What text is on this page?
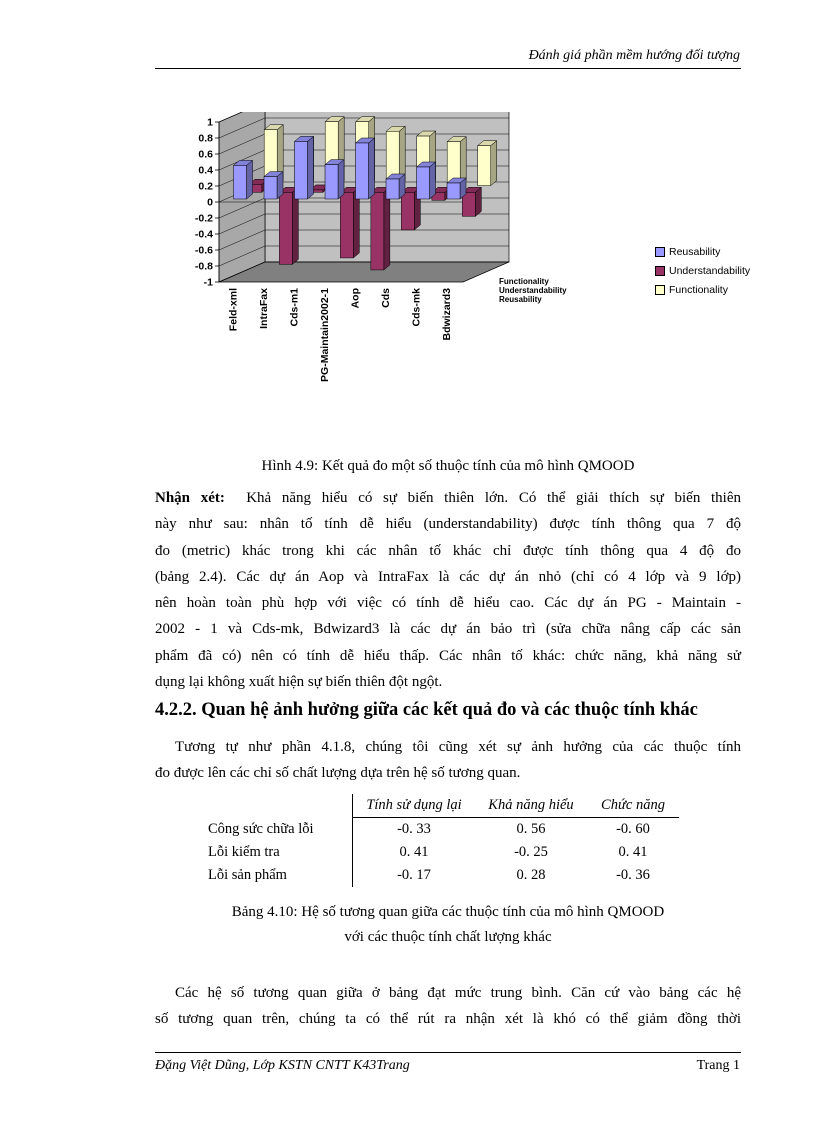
Đánh giá phần mềm hướng đối tượng
1
0.8
0.6
0.4
0.2
0
-0.2
-0.4
-0.6
-0.8
-1
Feld-xml IntraFax Cds-m1 PG-Maintain2002-1 Aop Cds Cds-mk Bdwizard3
Functionality
Understandability
Reusability
Reusability
Understandability
Functionality
Hình 4.9: Kết quả đo một số thuộc tính của mô hình QMOOD
Nhận xét: Khả năng hiểu có sự biến thiên lớn. Có thể giải thích sự biến thiên
này như sau: nhân tố tính dễ hiểu (understandability) được tính thông qua 7 độ
đo (metric) khác trong khi các nhân tố khác chỉ được tính thông qua 4 độ đo
(bảng 2.4). Các dự án Aop và IntraFax là các dự án nhỏ (chỉ có 4 lớp và 9 lớp)
nên hoàn toàn phù hợp với việc có tính dễ hiểu cao. Các dự án PG - Maintain -
2002 - 1 và Cds-mk, Bdwizard3 là các dự án bảo trì (sửa chữa nâng cấp các sản
phẩm đã có) nên có tính dễ hiểu thấp. Các nhân tố khác: chức năng, khả năng sử
dụng lại không xuất hiện sự biến thiên đột ngột.
4.2.2. Quan hệ ảnh hưởng giữa các kết quả đo và các thuộc tính khác
Tương tự như phần 4.1.8, chúng tôi cũng xét sự ảnh hưởng của các thuộc tính
đo được lên các chỉ số chất lượng dựa trên hệ số tương quan.
	Tính sử dụng lại	Khả năng hiểu	Chức năng
Công sức chữa lỗi	-0. 33	0. 56	-0. 60
Lỗi kiểm tra	0. 41	-0. 25	0. 41
Lỗi sản phẩm	-0. 17	0. 28	-0. 36
Bảng 4.10: Hệ số tương quan giữa các thuộc tính của mô hình QMOOD
với các thuộc tính chất lượng khác
Các hệ số tương quan giữa ở bảng đạt mức trung bình. Căn cứ vào bảng các hệ
số tương quan trên, chúng ta có thể rút ra nhận xét là khó có thể giảm đồng thời
Đặng Việt Dũng, Lớp KSTN CNTT K43Trang	Trang 1
